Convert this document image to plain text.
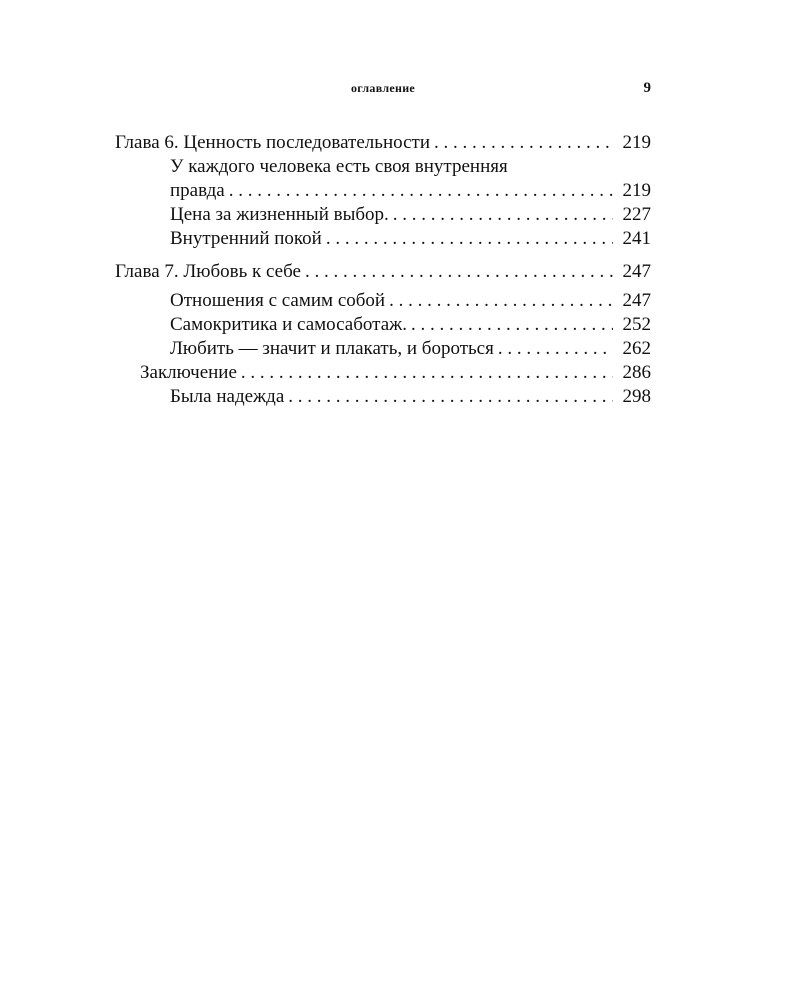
оглавление	9
Глава 6. Ценность последовательности . . .	219
У каждого человека есть своя внутренняя
правда . . .	219
Цена за жизненный выбор. . . .	227
Внутренний покой . . .	241
Глава 7. Любовь к себе . . .	247
Отношения с самим собой . . .	247
Самокритика и самосаботаж. . . .	252
Любить — значит и плакать, и бороться . . .	262
Заключение . . .	286
Была надежда . . .	298
